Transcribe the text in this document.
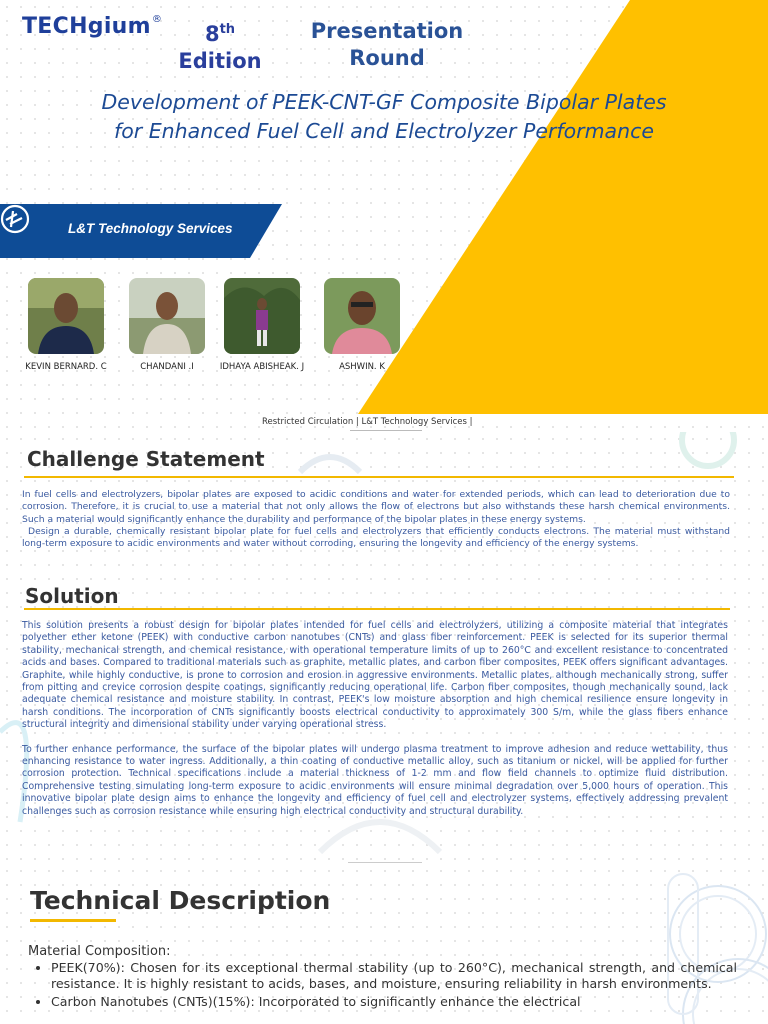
TECHgium®
8th
Edition
Presentation
Round
Development of PEEK-CNT-GF Composite Bipolar Plates
for Enhanced Fuel Cell and Electrolyzer Performance
L&T Technology Services
KEVIN BERNARD. C	CHANDANI .I	IDHAYA ABISHEAK. J	ASHWIN. K
Restricted Circulation | L&T Technology Services |
Challenge Statement

In fuel cells and electrolyzers, bipolar plates are exposed to acidic conditions and water for extended periods, which can lead to deterioration due to corrosion. Therefore, it is crucial to use a material that not only allows the flow of electrons but also withstands these harsh chemical environments. Such a material would significantly enhance the durability and performance of the bipolar plates in these energy systems.

Design a durable, chemically resistant bipolar plate for fuel cells and electrolyzers that efficiently conducts electrons. The material must withstand long-term exposure to acidic environments and water without corroding, ensuring the longevity and efficiency of the energy systems.

Solution

This solution presents a robust design for bipolar plates intended for fuel cells and electrolyzers, utilizing a composite material that integrates polyether ether ketone (PEEK) with conductive carbon nanotubes (CNTs) and glass fiber reinforcement. PEEK is selected for its superior thermal stability, mechanical strength, and chemical resistance, with operational temperature limits of up to 260°C and excellent resistance to concentrated acids and bases. Compared to traditional materials such as graphite, metallic plates, and carbon fiber composites, PEEK offers significant advantages. Graphite, while highly conductive, is prone to corrosion and erosion in aggressive environments. Metallic plates, although mechanically strong, suffer from pitting and crevice corrosion despite coatings, significantly reducing operational life. Carbon fiber composites, though mechanically sound, lack adequate chemical resistance and moisture stability. In contrast, PEEK's low moisture absorption and high chemical resilience ensure longevity in harsh conditions. The incorporation of CNTs significantly boosts electrical conductivity to approximately 300 S/m, while the glass fibers enhance structural integrity and dimensional stability under varying operational stress.

To further enhance performance, the surface of the bipolar plates will undergo plasma treatment to improve adhesion and reduce wettability, thus enhancing resistance to water ingress. Additionally, a thin coating of conductive metallic alloy, such as titanium or nickel, will be applied for further corrosion protection. Technical specifications include a material thickness of 1-2 mm and flow field channels to optimize fluid distribution. Comprehensive testing simulating long-term exposure to acidic environments will ensure minimal degradation over 5,000 hours of operation. This innovative bipolar plate design aims to enhance the longevity and efficiency of fuel cell and electrolyzer systems, effectively addressing prevalent challenges such as corrosion resistance while ensuring high electrical conductivity and structural durability.

Technical Description
Material Composition:
• PEEK(70%): Chosen for its exceptional thermal stability (up to 260°C), mechanical strength, and chemical resistance. It is highly resistant to acids, bases, and moisture, ensuring reliability in harsh environments.
• Carbon Nanotubes (CNTs)(15%): Incorporated to significantly enhance the electrical
